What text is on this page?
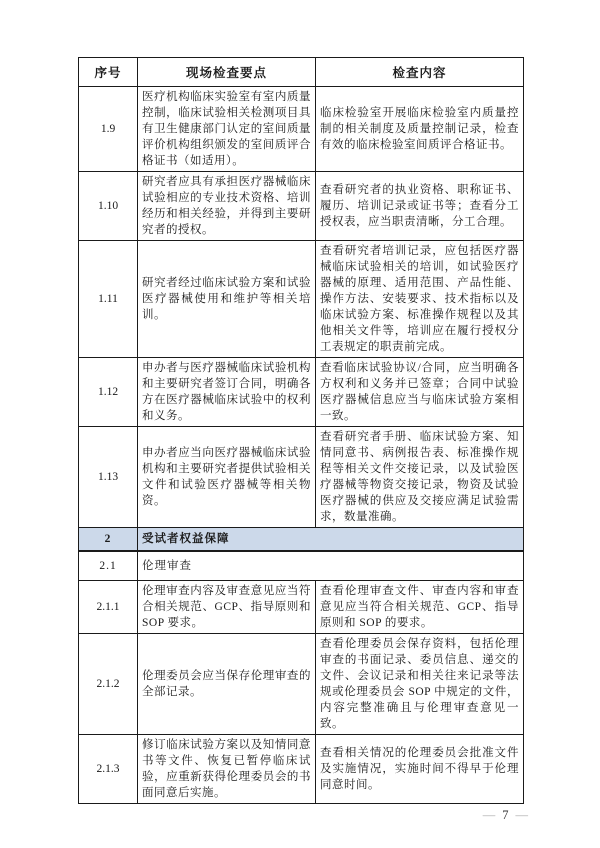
序号	现场检查要点	检查内容
1.9	医疗机构临床实验室有室内质量控制，临床试验相关检测项目具有卫生健康部门认定的室间质量评价机构组织颁发的室间质评合格证书（如适用）。	临床检验室开展临床检验室内质量控制的相关制度及质量控制记录，检查有效的临床检验室间质评合格证书。
1.10	研究者应具有承担医疗器械临床试验相应的专业技术资格、培训经历和相关经验，并得到主要研究者的授权。	查看研究者的执业资格、职称证书、履历、培训记录或证书等；查看分工授权表，应当职责清晰，分工合理。
1.11	研究者经过临床试验方案和试验医疗器械使用和维护等相关培训。	查看研究者培训记录，应包括医疗器械临床试验相关的培训，如试验医疗器械的原理、适用范围、产品性能、操作方法、安装要求、技术指标以及临床试验方案、标准操作规程以及其他相关文件等，培训应在履行授权分工表规定的职责前完成。
1.12	申办者与医疗器械临床试验机构和主要研究者签订合同，明确各方在医疗器械临床试验中的权利和义务。	查看临床试验协议/合同，应当明确各方权利和义务并已签章；合同中试验医疗器械信息应当与临床试验方案相一致。
1.13	申办者应当向医疗器械临床试验机构和主要研究者提供试验相关文件和试验医疗器械等相关物资。	查看研究者手册、临床试验方案、知情同意书、病例报告表、标准操作规程等相关文件交接记录，以及试验医疗器械等物资交接记录，物资及试验医疗器械的供应及交接应满足试验需求，数量准确。
2	受试者权益保障	
2.1	伦理审查	
2.1.1	伦理审查内容及审查意见应当符合相关规范、GCP、指导原则和 SOP 要求。	查看伦理审查文件、审查内容和审查意见应当符合相关规范、GCP、指导原则和 SOP 的要求。
2.1.2	伦理委员会应当保存伦理审查的全部记录。	查看伦理委员会保存资料，包括伦理审查的书面记录、委员信息、递交的文件、会议记录和相关往来记录等法规或伦理委员会 SOP 中规定的文件，内容完整准确且与伦理审查意见一致。
2.1.3	修订临床试验方案以及知情同意书等文件、恢复已暂停临床试验，应重新获得伦理委员会的书面同意后实施。	查看相关情况的伦理委员会批准文件及实施情况，实施时间不得早于伦理同意时间。
— 7 —
